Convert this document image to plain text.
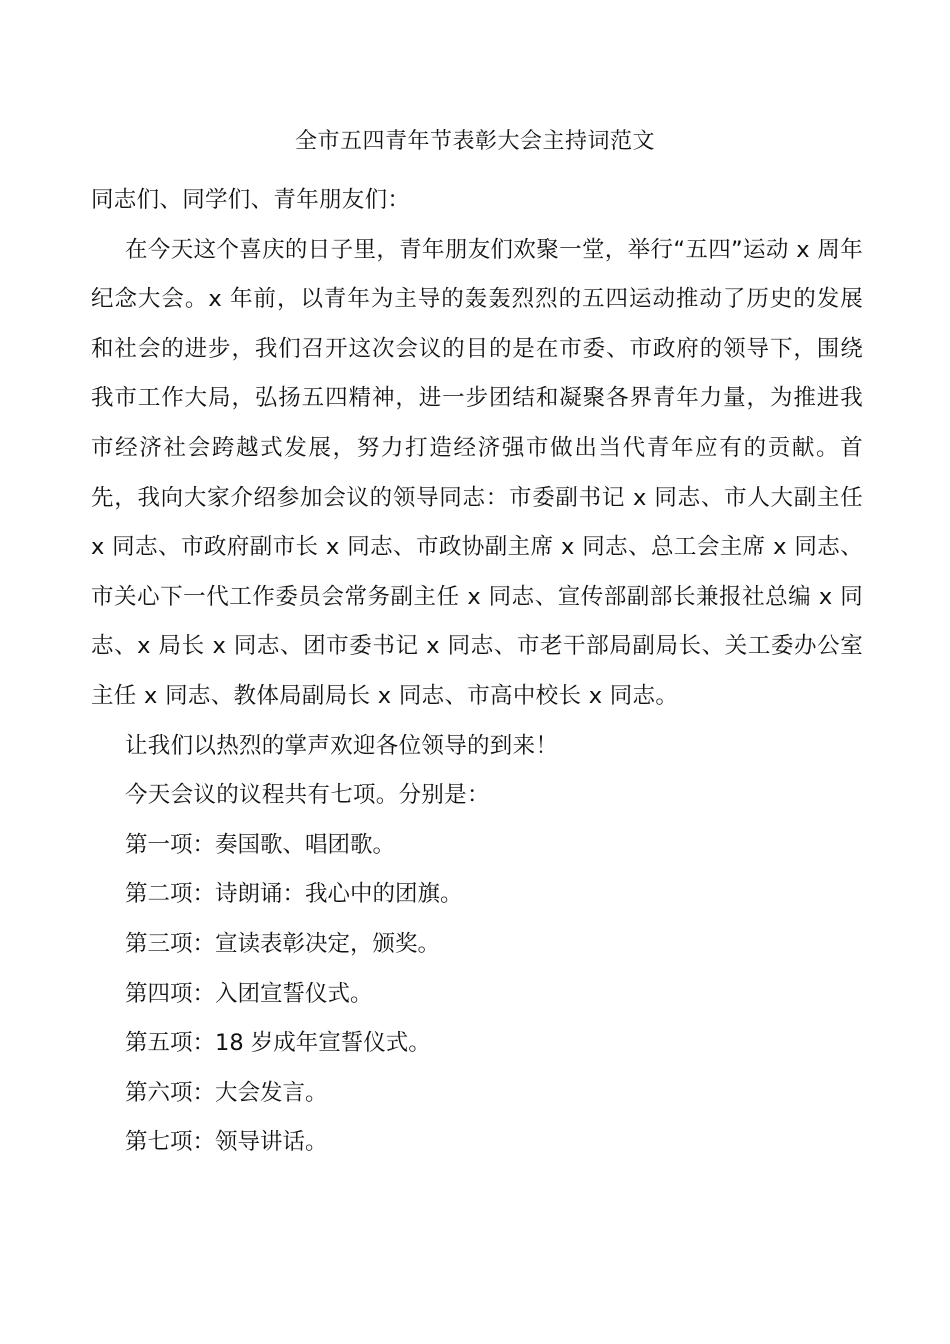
全市五四青年节表彰大会主持词范文

同志们、同学们、青年朋友们：

在今天这个喜庆的日子里，青年朋友们欢聚一堂，举行“五四”运动 x 周年纪念大会。x 年前，以青年为主导的轰轰烈烈的五四运动推动了历史的发展和社会的进步，我们召开这次会议的目的是在市委、市政府的领导下，围绕我市工作大局，弘扬五四精神，进一步团结和凝聚各界青年力量，为推进我市经济社会跨越式发展，努力打造经济强市做出当代青年应有的贡献。首先，我向大家介绍参加会议的领导同志：市委副书记 x 同志、市人大副主任 x 同志、市政府副市长 x 同志、市政协副主席 x 同志、总工会主席 x 同志、市关心下一代工作委员会常务副主任 x 同志、宣传部副部长兼报社总编 x 同志、x 局长 x 同志、团市委书记 x 同志、市老干部局副局长、关工委办公室主任 x 同志、教体局副局长 x 同志、市高中校长 x 同志。

让我们以热烈的掌声欢迎各位领导的到来！

今天会议的议程共有七项。分别是：

第一项：奏国歌、唱团歌。

第二项：诗朗诵：我心中的团旗。

第三项：宣读表彰决定，颁奖。

第四项：入团宣誓仪式。

第五项：18 岁成年宣誓仪式。

第六项：大会发言。

第七项：领导讲话。
